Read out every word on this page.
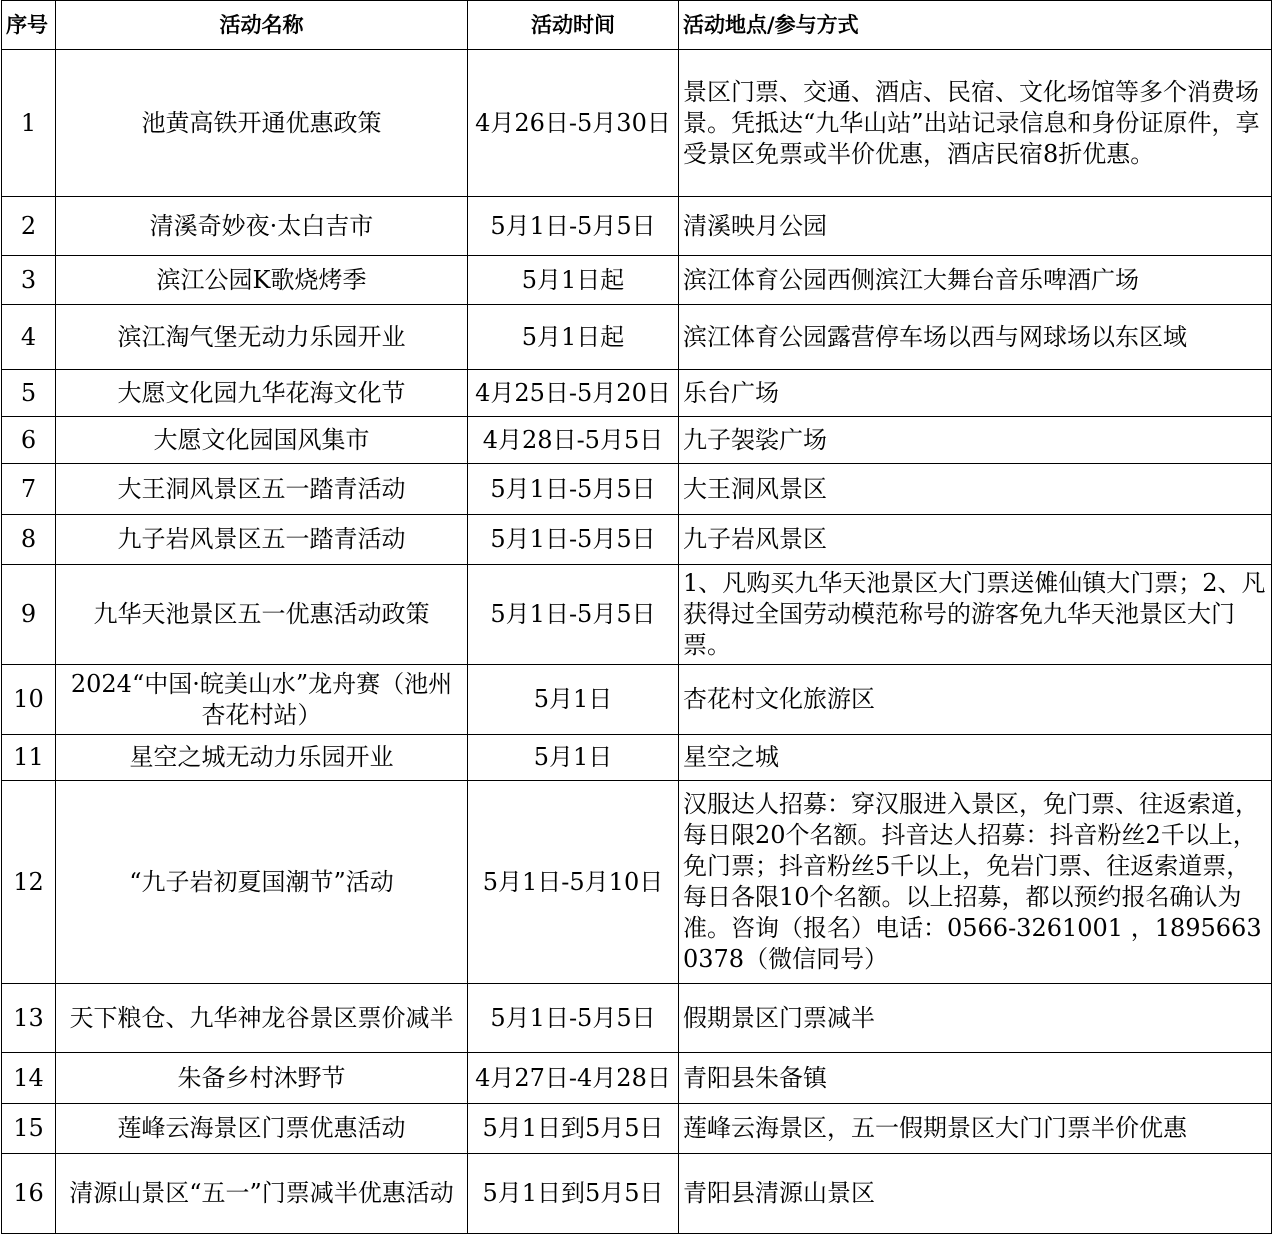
序号	活动名称	活动时间	活动地点/参与方式
1	池黄高铁开通优惠政策	4月26日-5月30日	景区门票、交通、酒店、民宿、文化场馆等多个消费场景。凭抵达“九华山站”出站记录信息和身份证原件，享受景区免票或半价优惠，酒店民宿8折优惠。
2	清溪奇妙夜·太白吉市	5月1日-5月5日	清溪映月公园
3	滨江公园K歌烧烤季	5月1日起	滨江体育公园西侧滨江大舞台音乐啤酒广场
4	滨江淘气堡无动力乐园开业	5月1日起	滨江体育公园露营停车场以西与网球场以东区域
5	大愿文化园九华花海文化节	4月25日-5月20日	乐台广场
6	大愿文化园国风集市	4月28日-5月5日	九子袈裟广场
7	大王洞风景区五一踏青活动	5月1日-5月5日	大王洞风景区
8	九子岩风景区五一踏青活动	5月1日-5月5日	九子岩风景区
9	九华天池景区五一优惠活动政策	5月1日-5月5日	1、凡购买九华天池景区大门票送傩仙镇大门票；2、凡获得过全国劳动模范称号的游客免九华天池景区大门票。
10	2024“中国·皖美山水”龙舟赛（池州杏花村站）	5月1日	杏花村文化旅游区
11	星空之城无动力乐园开业	5月1日	星空之城
12	“九子岩初夏国潮节”活动	5月1日-5月10日	汉服达人招募：穿汉服进入景区，免门票、往返索道，每日限20个名额。抖音达人招募：抖音粉丝2千以上，免门票；抖音粉丝5千以上，免岩门票、往返索道票，每日各限10个名额。以上招募，都以预约报名确认为准。咨询（报名）电话：0566-3261001 ，18956630378（微信同号）
13	天下粮仓、九华神龙谷景区票价减半	5月1日-5月5日	假期景区门票减半
14	朱备乡村沐野节	4月27日-4月28日	青阳县朱备镇
15	莲峰云海景区门票优惠活动	5月1日到5月5日	莲峰云海景区，五一假期景区大门门票半价优惠
16	清源山景区“五一”门票减半优惠活动	5月1日到5月5日	青阳县清源山景区
